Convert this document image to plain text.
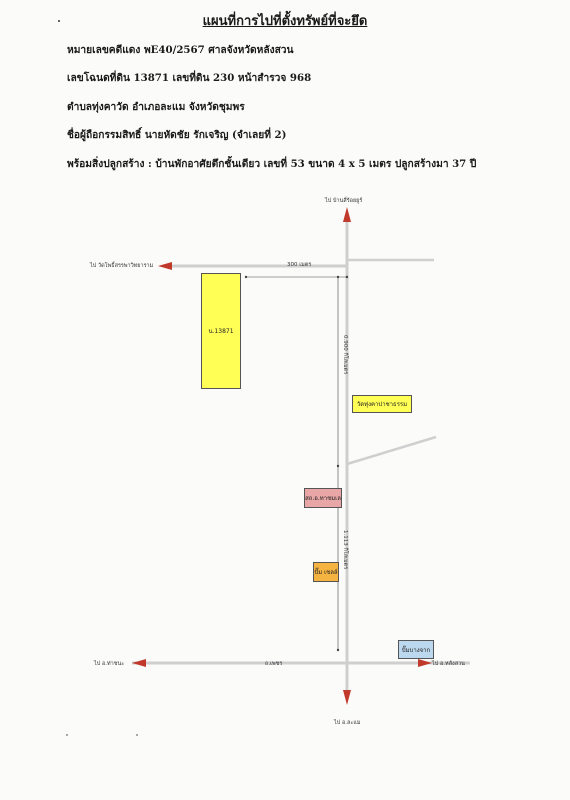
แผนที่การไปที่ตั้งทรัพย์ที่จะยึด
หมายเลขคดีแดง พE40/2567 ศาลจังหวัดหลังสวน
เลขโฉนดที่ดิน 13871 เลขที่ดิน 230 หน้าสำรวจ 968
ตำบลทุ่งคาวัด อำเภอละแม จังหวัดชุมพร
ชื่อผู้ถือกรรมสิทธิ์ นายหัดชัย รักเจริญ (จำเลยที่ 2)
พร้อมสิ่งปลูกสร้าง : บ้านพักอาศัยตึกชั้นเดียว เลขที่ 53 ขนาด 4 x 5 เมตร ปลูกสร้างมา 37 ปี
ไป บ้านสี่ร้อยยูร์
ไป วัดโพธิ์สรรพาวิทยาราม	300 เมตร
0.900 กิโลเมตร
1.113 กิโลเมตร
ไป อ.ท่าชนะ	ถ.เพชร	ไป อ.หลังสวน
ไป อ.ละแม
น.13871
วัดทุ่งคาปาชาธรรม
สถ.อ.ทาชมเล
ปั๊ม เชลล์
ปั๊มบางจาก
